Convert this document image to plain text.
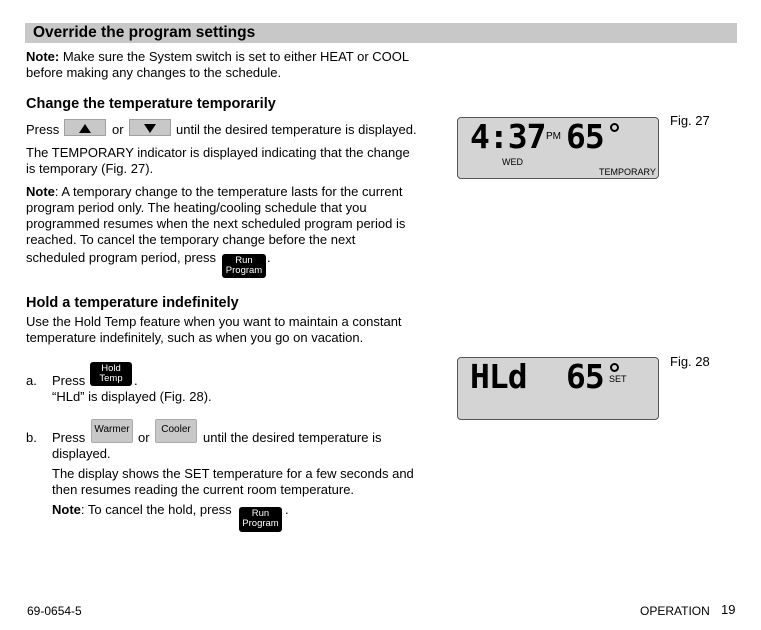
Override the program settings
Note: Make sure the System switch is set to either HEAT or COOL
before making any changes to the schedule.
Change the temperature temporarily
Press	or	until the desired temperature is displayed.
The TEMPORARY indicator is displayed indicating that the change
is temporary (Fig. 27).
Note: A temporary change to the temperature lasts for the current
program period only. The heating/cooling schedule that you
programmed resumes when the next scheduled program period is
reached. To cancel the temporary change before the next
scheduled program period, press	Run
Program
.
4:37 PM 65
WED
TEMPORARY
Fig. 27
Hold a temperature indefinitely
Use the Hold Temp feature when you want to maintain a constant
temperature indefinitely, such as when you go on vacation.
a. Press
Hold
Temp .
“HLd” is displayed (Fig. 28).
b. Press
Warmer
or
Cooler
until the desired temperature is
displayed.
The display shows the SET temperature for a few seconds and
then resumes reading the current room temperature.
Note: To cancel the hold, press	Run
Program
.
HLd 65 SET
Fig. 28
69-0654-5	OPERATION 19
